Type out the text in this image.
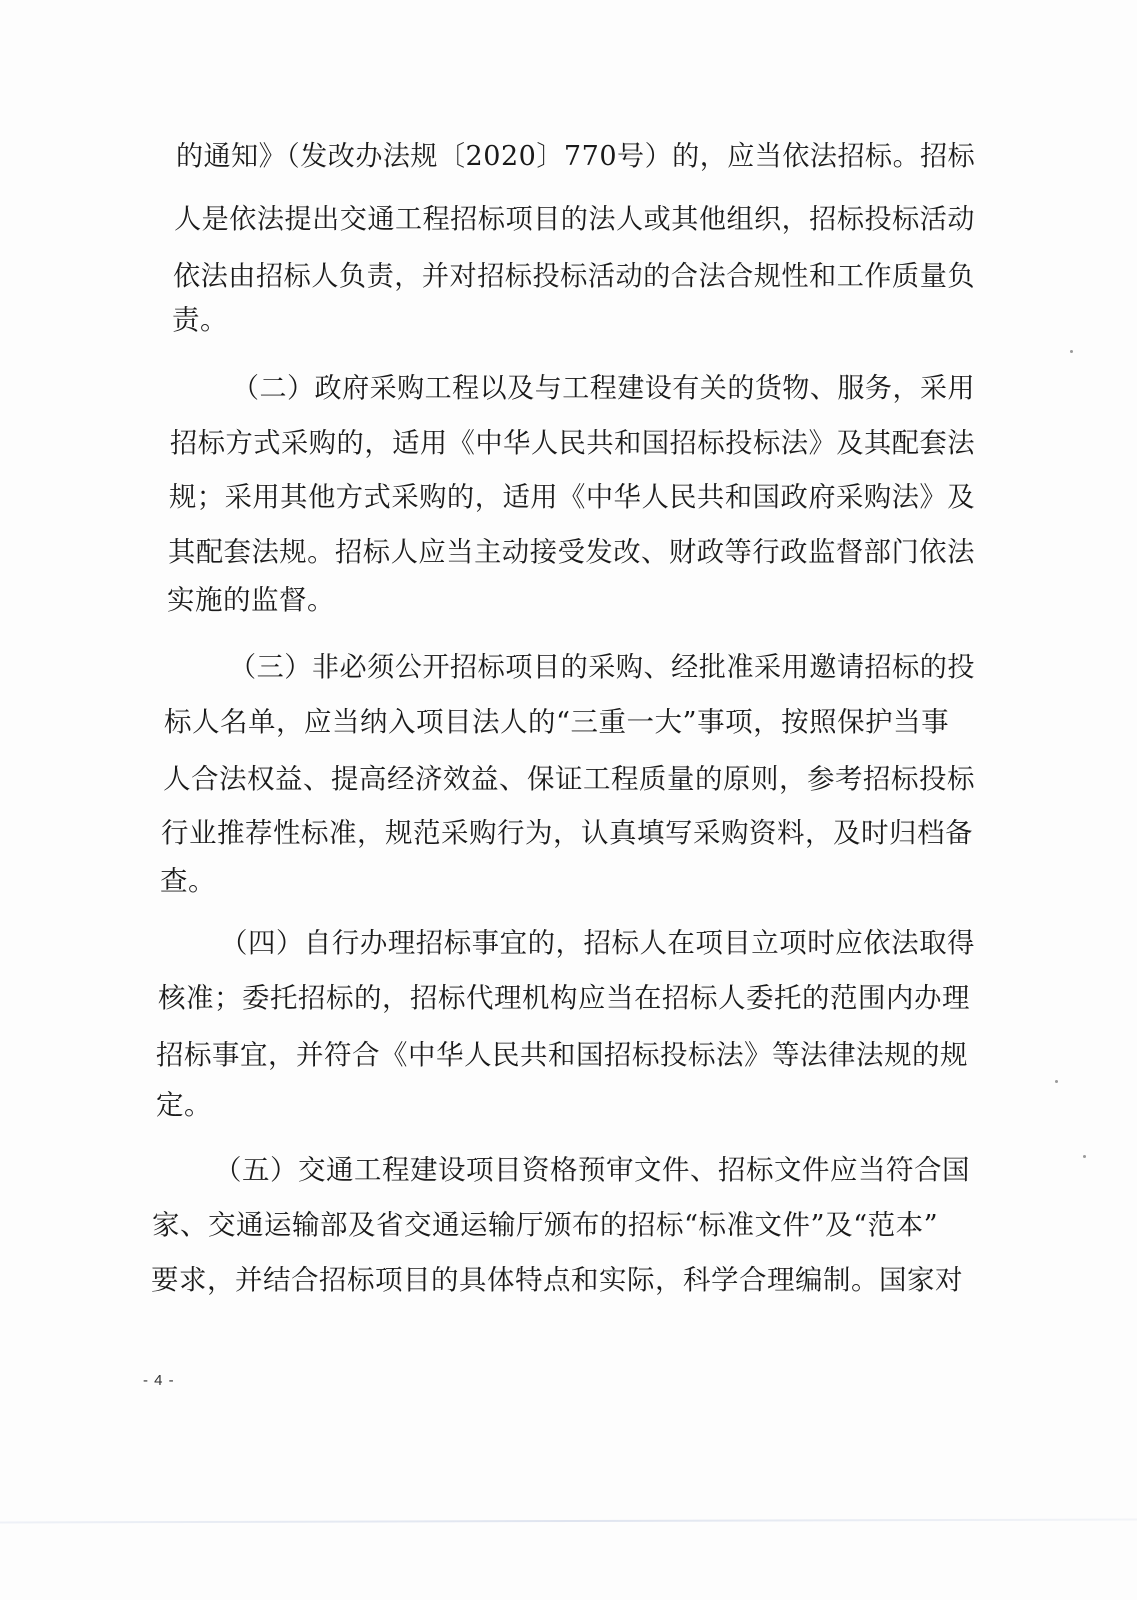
的通知》（发改办法规〔2020〕770号）的，应当依法招标。招标
人是依法提出交通工程招标项目的法人或其他组织，招标投标活动
依法由招标人负责，并对招标投标活动的合法合规性和工作质量负
责。
（二）政府采购工程以及与工程建设有关的货物、服务，采用
招标方式采购的，适用《中华人民共和国招标投标法》及其配套法
规；采用其他方式采购的，适用《中华人民共和国政府采购法》及
其配套法规。招标人应当主动接受发改、财政等行政监督部门依法
实施的监督。
（三）非必须公开招标项目的采购、经批准采用邀请招标的投
标人名单，应当纳入项目法人的“三重一大”事项，按照保护当事
人合法权益、提高经济效益、保证工程质量的原则，参考招标投标
行业推荐性标准，规范采购行为，认真填写采购资料，及时归档备
查。
（四）自行办理招标事宜的，招标人在项目立项时应依法取得
核准；委托招标的，招标代理机构应当在招标人委托的范围内办理
招标事宜，并符合《中华人民共和国招标投标法》等法律法规的规
定。
（五）交通工程建设项目资格预审文件、招标文件应当符合国
家、交通运输部及省交通运输厅颁布的招标“标准文件”及“范本”
要求，并结合招标项目的具体特点和实际，科学合理编制。国家对
- 4 -
